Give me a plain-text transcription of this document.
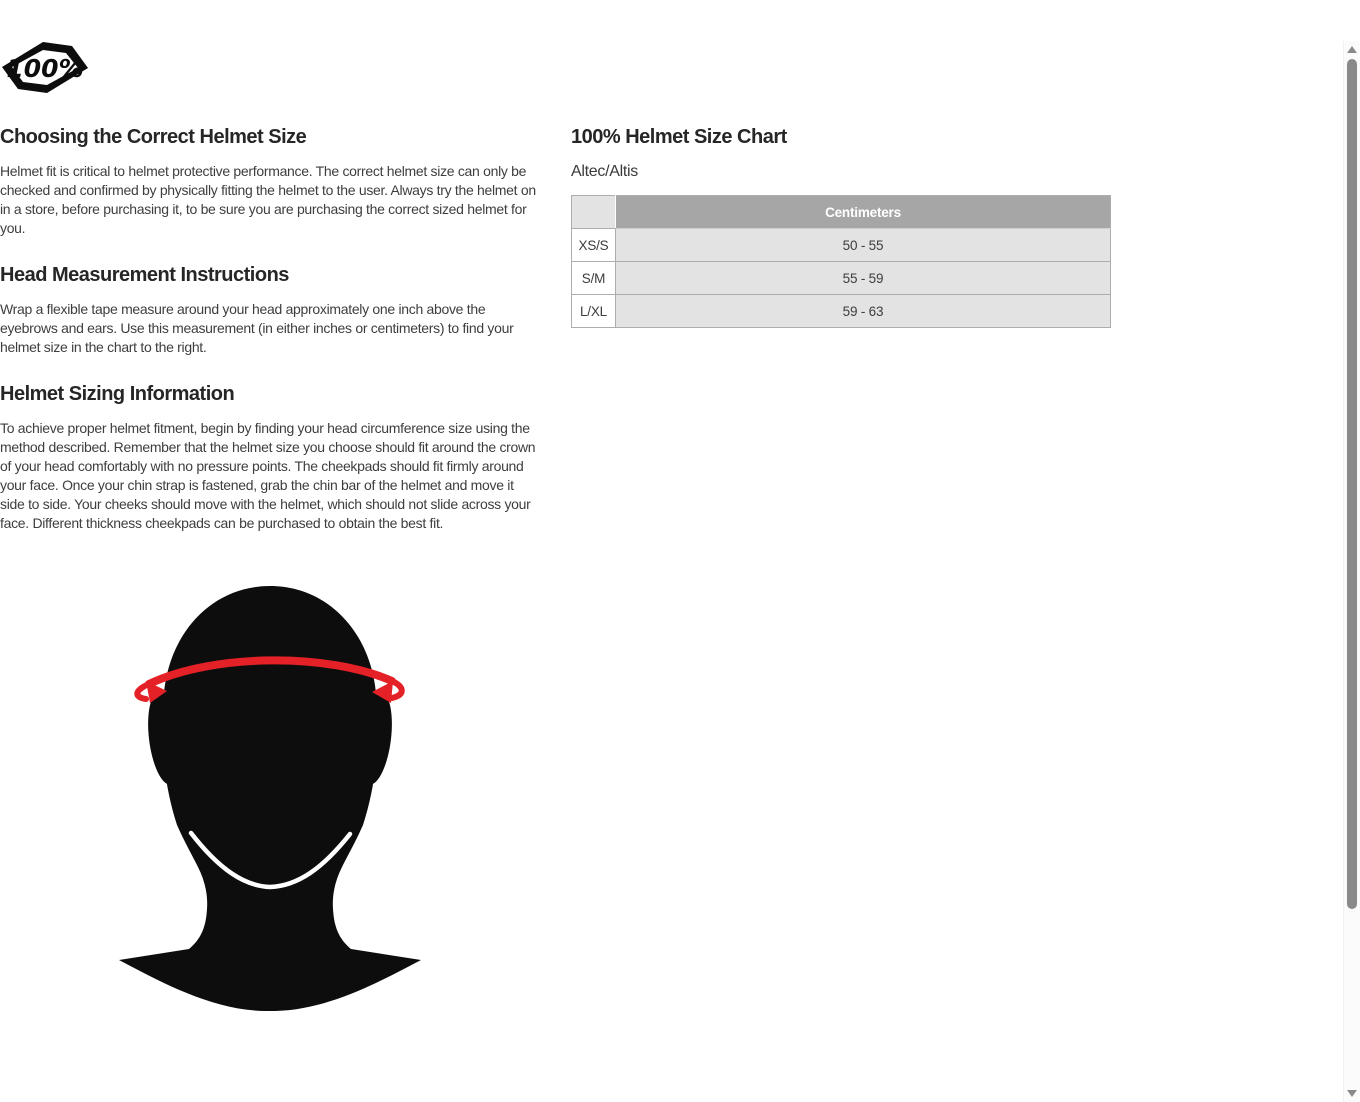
100%
Choosing the Correct Helmet Size

Helmet fit is critical to helmet protective performance. The correct helmet size can only be checked and confirmed by physically fitting the helmet to the user. Always try the helmet on in a store, before purchasing it, to be sure you are purchasing the correct sized helmet for you.

Head Measurement Instructions

Wrap a flexible tape measure around your head approximately one inch above the eyebrows and ears. Use this measurement (in either inches or centimeters) to find your helmet size in the chart to the right.

Helmet Sizing Information

To achieve proper helmet fitment, begin by finding your head circumference size using the method described. Remember that the helmet size you choose should fit around the crown of your head comfortably with no pressure points. The cheekpads should fit firmly around your face. Once your chin strap is fastened, grab the chin bar of the helmet and move it side to side. Your cheeks should move with the helmet, which should not slide across your face. Different thickness cheekpads can be purchased to obtain the best fit.

100% Helmet Size Chart

Altec/Altis

	Centimeters
XS/S	50 - 55
S/M	55 - 59
L/XL	59 - 63
